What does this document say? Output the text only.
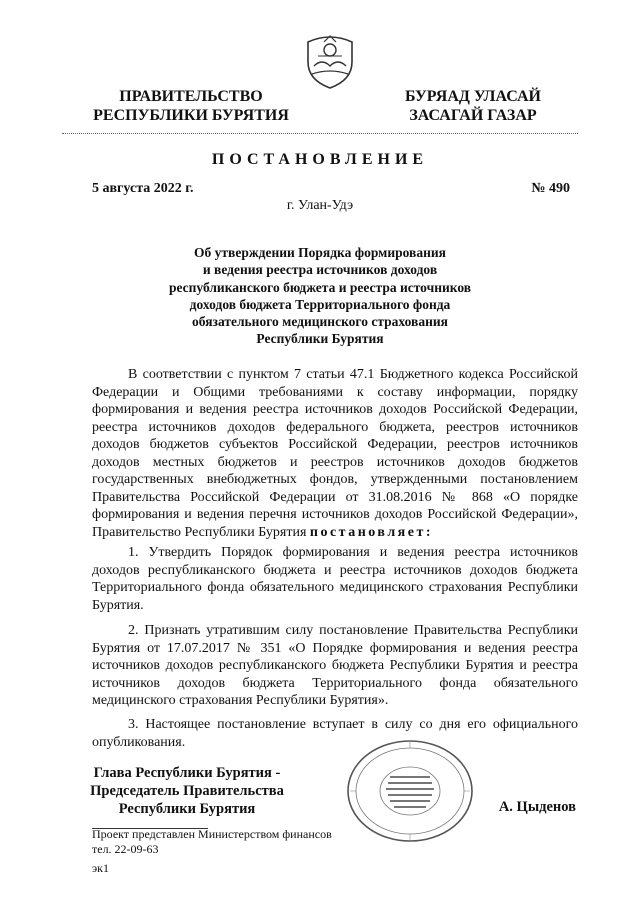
ПРАВИТЕЛЬСТВО
РЕСПУБЛИКИ БУРЯТИЯ
БУРЯАД УЛАСАЙ
ЗАСАГАЙ ГАЗАР
ПОСТАНОВЛЕНИЕ
5 августа 2022 г.	№ 490
г. Улан-Удэ
Об утверждении Порядка формирования
и ведения реестра источников доходов
республиканского бюджета и реестра источников
доходов бюджета Территориального фонда
обязательного медицинского страхования
Республики Бурятия

В соответствии с пунктом 7 статьи 47.1 Бюджетного кодекса Российской Федерации и Общими требованиями к составу информации, порядку формирования и ведения реестра источников доходов Российской Федерации, реестра источников доходов федерального бюджета, реестров источников доходов бюджетов субъектов Российской Федерации, реестров источников доходов местных бюджетов и реестров источников доходов бюджетов государственных внебюджетных фондов, утвержденными постановлением Правительства Российской Федерации от 31.08.2016 № 868 «О порядке формирования и ведения перечня источников доходов Российской Федерации», Правительство Республики Бурятия постановляет:

1. Утвердить Порядок формирования и ведения реестра источников доходов республиканского бюджета и реестра источников доходов бюджета Территориального фонда обязательного медицинского страхования Республики Бурятия.

2. Признать утратившим силу постановление Правительства Республики Бурятия от 17.07.2017 № 351 «О Порядке формирования и ведения реестра источников доходов республиканского бюджета Республики Бурятия и реестра источников доходов бюджета Территориального фонда обязательного медицинского страхования Республики Бурятия».

3. Настоящее постановление вступает в силу со дня его официального опубликования.

Глава Республики Бурятия -
Председатель Правительства
Республики Бурятия	А. Цыденов
Проект представлен Министерством финансов
тел. 22-09-63
эк1
